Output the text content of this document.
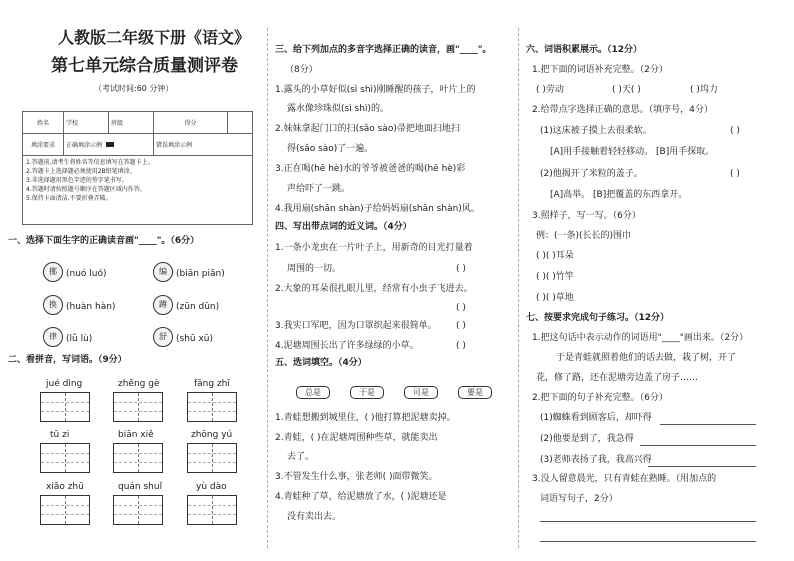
人教版二年级下册《语文》
第七单元综合质量测评卷
（考试时间:60 分钟）
姓名	学校	班级	得分	
填涂要求	正确填涂示例		错误填涂示例	

1.答题前,请考生将姓名等信息填写在答题卡上。
2.答题卡上选择题必须使用2B铅笔填涂。
3.非选择题用黑色字迹的签字笔书写。
4.答题时请按照题号顺序在答题区域内作答。
5.保持卡面清洁,不要折叠弄破。				
一、选择下面生字的正确读音画"____"。（6分）
挪	(nuó luó)	编	(biān piān)
换	(huàn hàn)	蹲	(zūn dūn)
律	(lǜ lù)	舒	(shū xū)
二、看拼音，写词语。（9分）
jué dìng	zhěng gè	fāng zhī
tū zi	biān xiě	zhōng yú
xiǎo zhū	quán shuǐ	yù dào
三、给下列加点的多音字选择正确的读音，画"____"。
（8分）
1.露头的小草好似(sì shì)刚睡醒的孩子，叶片上的
露水像珍珠似(sì shì)的。
2.妹妹拿起门口的扫(sǎo sào)帚把地面扫地扫
得(sǎo sào)了一遍。
3.正在喝(hē hè)水的爷爷被爸爸的喝(hē hè)彩
声给吓了一跳。
4.我用扇(shān shàn)子给妈妈扇(shān shàn)风。
四、写出带点词的近义词。（4分）
1.一条小龙虫在一片叶子上，用新奇的目光打量着
周围的一切。	( )
2.大象的耳朵很扎眼儿里，经常有小虫子飞进去。
( )
3.我实口军吧，因为口罩织起来很简单。 ( )
4.泥塘周围长出了许多绿绿的小草。	( )
五、选词填空。（4分）
总是	于是	可是	要是
1.青蛙想搬到城里住，( )他打算把泥塘卖掉。
2.青蛙，( )在泥塘周围种些草，就能卖出
去了。
3.不管发生什么事，张老师( )面带微笑。
4.青蛙种了草，给泥塘放了水，( )泥塘还是
没有卖出去。
六、词语积累展示。（12分）
1.把下面的词语补充完整。（2分）
( )劳动	( )天( )	( )坞力
2.给带点字选择正确的意思。（填序号，4分）
(1)这床被子摸上去很柔软。	( )
[A]用手接触着轻轻移动。 [B]用手探取。
(2)他揭开了米粒的盖子。	( )
[A]高举。 [B]把覆盖的东西拿开。
3.照样子，写一写。（6分）
例：(一条)(长长的)围巾
( )( )耳朵
( )( )竹竿
( )( )草地
七、按要求完成句子练习。（12分）
1.把这句话中表示动作的词语用"____"画出来。（2分）
于是青蛙就照着他们的话去做，栽了树，开了
花，修了路，还在泥塘旁边盖了房子……
2.把下面的句子补充完整。（6分）
(1)蜘蛛看到顾客后，却吓得
(2)他要是到了，我急得
(3)老师表扬了我，我高兴得
3.没人留意晨光，只有青蛙在熟睡。（用加点的
词语写句子，2分）
